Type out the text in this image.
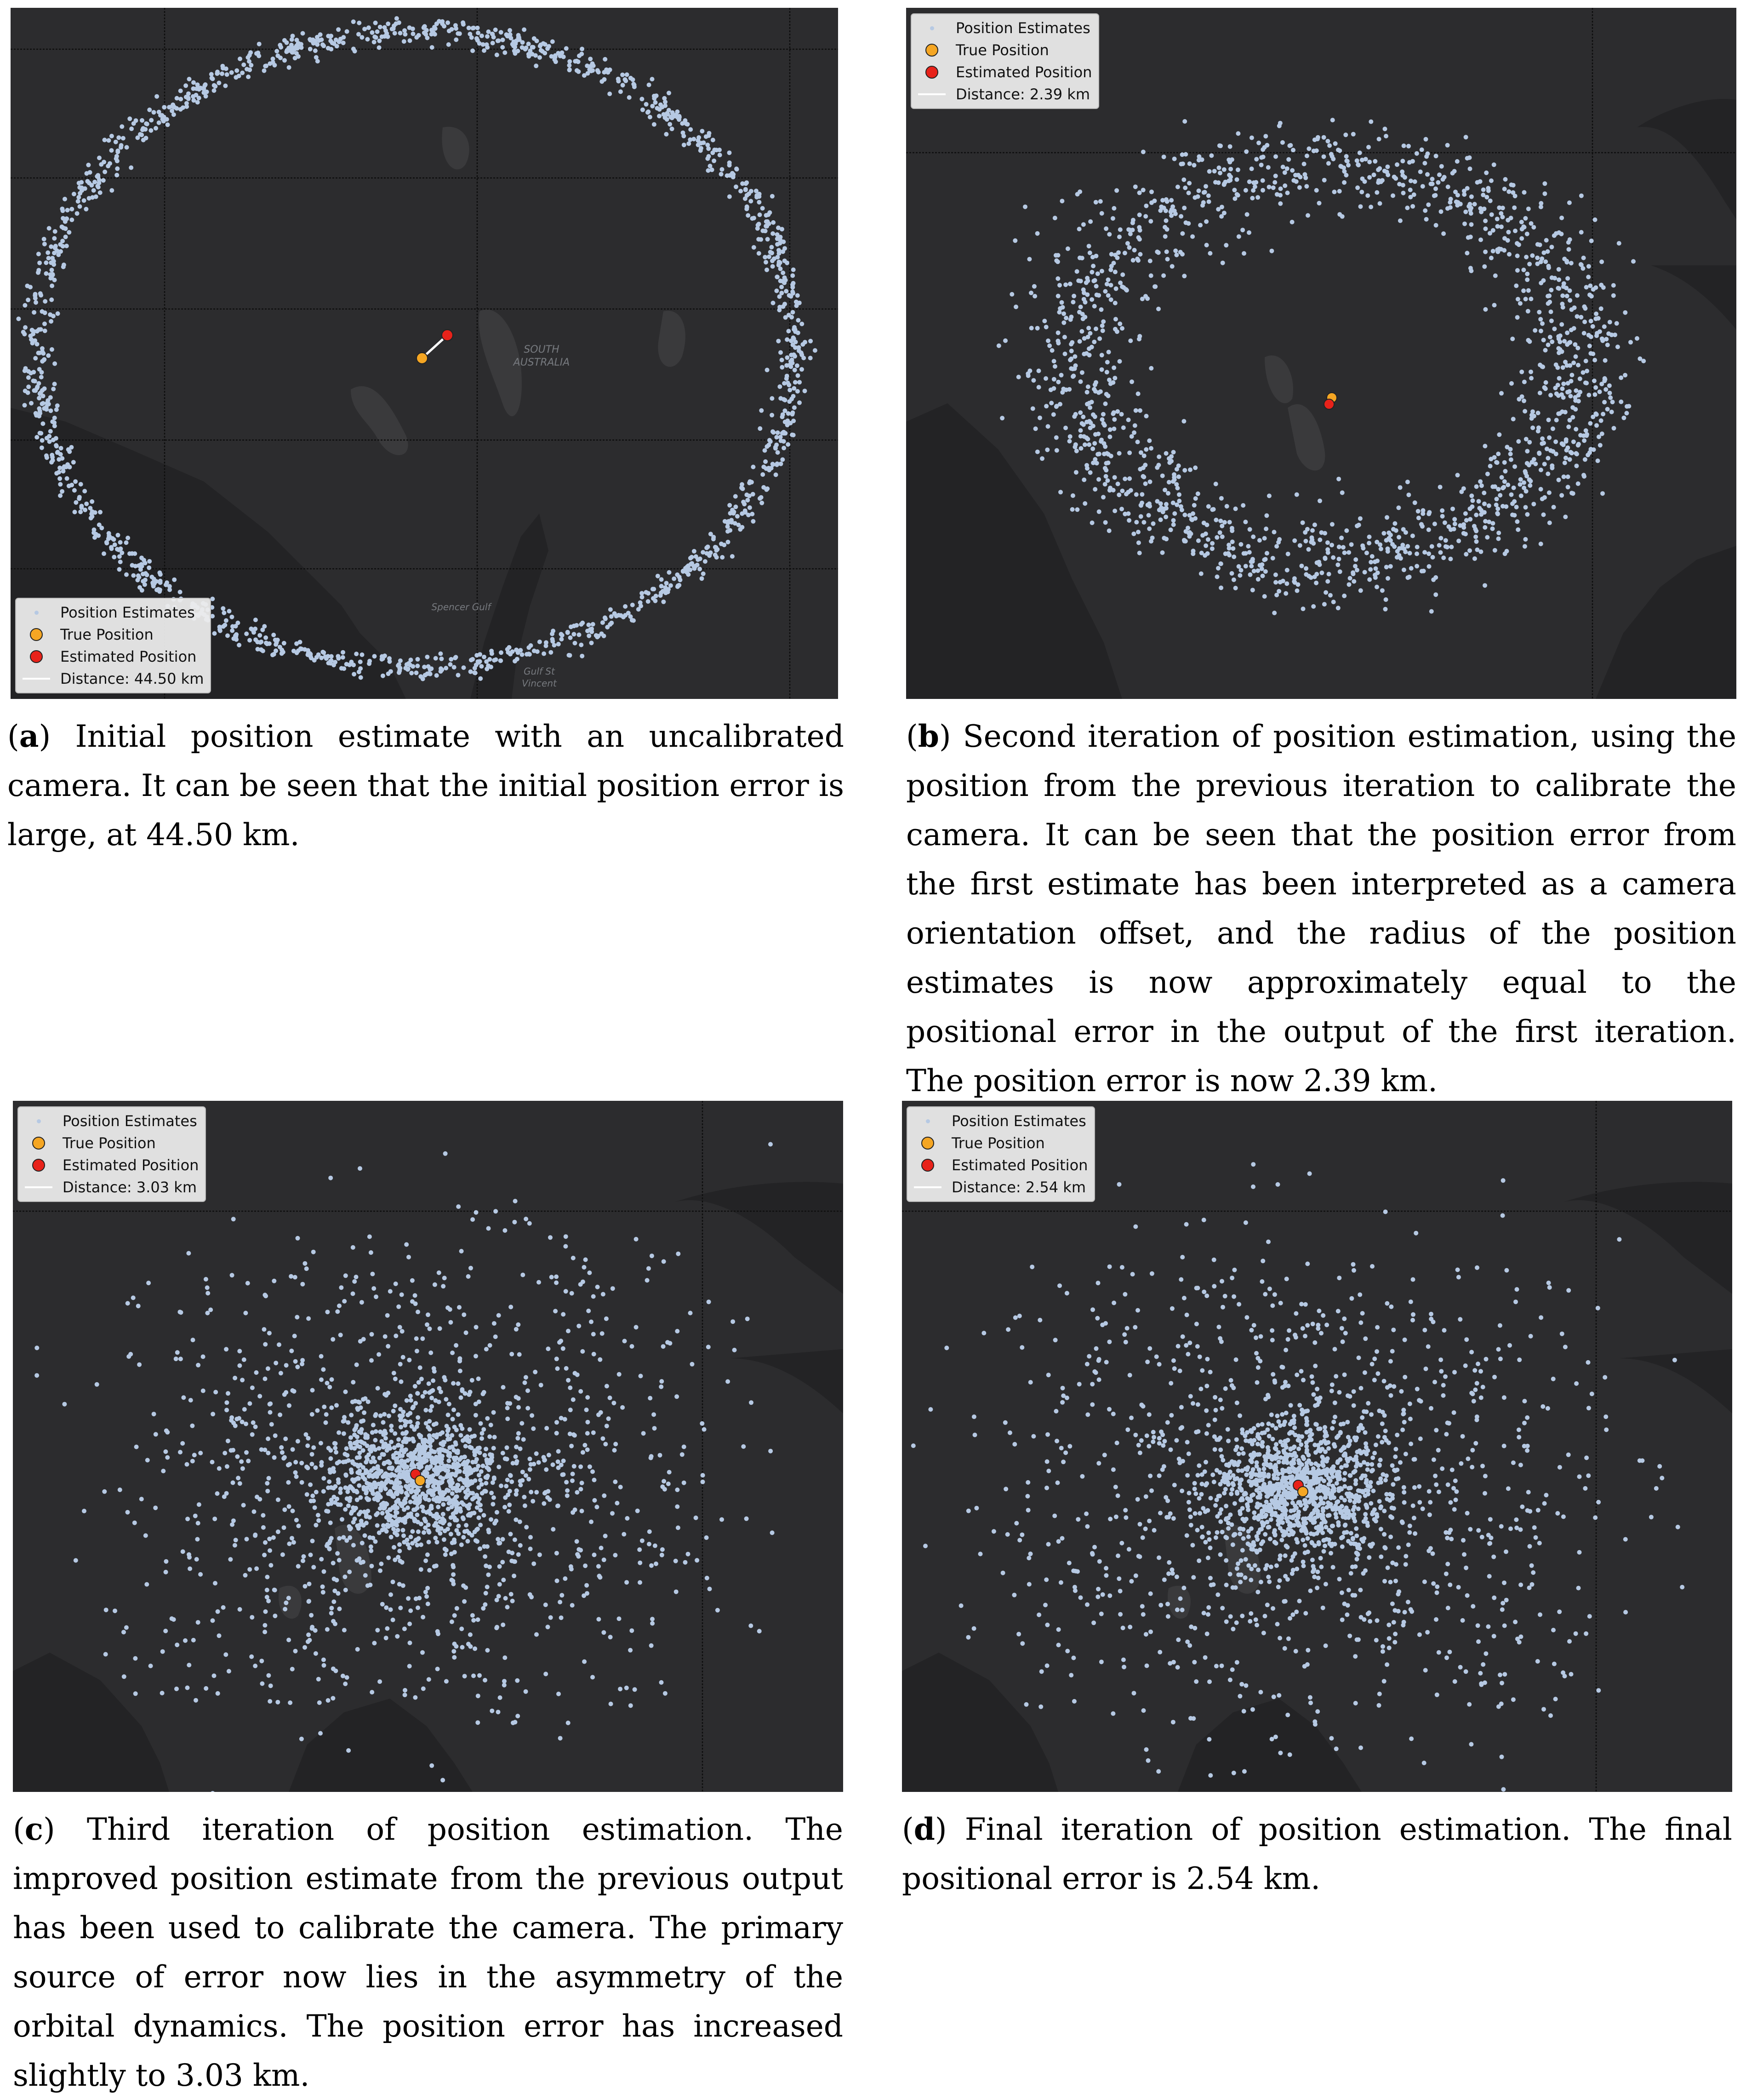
SOUTH
AUSTRALIA
Spencer Gulf
Gulf St
Vincent
Position Estimates
True Position
Estimated Position
Distance: 44.50 km
Position Estimates
True Position
Estimated Position
Distance: 2.39 km
Position Estimates
True Position
Estimated Position
Distance: 3.03 km
Position Estimates
True Position
Estimated Position
Distance: 2.54 km
(a) Initial position estimate with an uncalibrated camera. It can be seen that the initial position error is large, at 44.50 km.
(b) Second iteration of position estimation, using the position from the previous iteration to calibrate the camera. It can be seen that the position error from the first estimate has been interpreted as a camera orientation offset, and the radius of the position estimates is now approximately equal to the positional error in the output of the first iteration. The position error is now 2.39 km.
(c) Third iteration of position estimation. The improved position estimate from the previous output has been used to calibrate the camera. The primary source of error now lies in the asymmetry of the orbital dynamics. The position error has increased slightly to 3.03 km.
(d) Final iteration of position estimation. The final positional error is 2.54 km.
